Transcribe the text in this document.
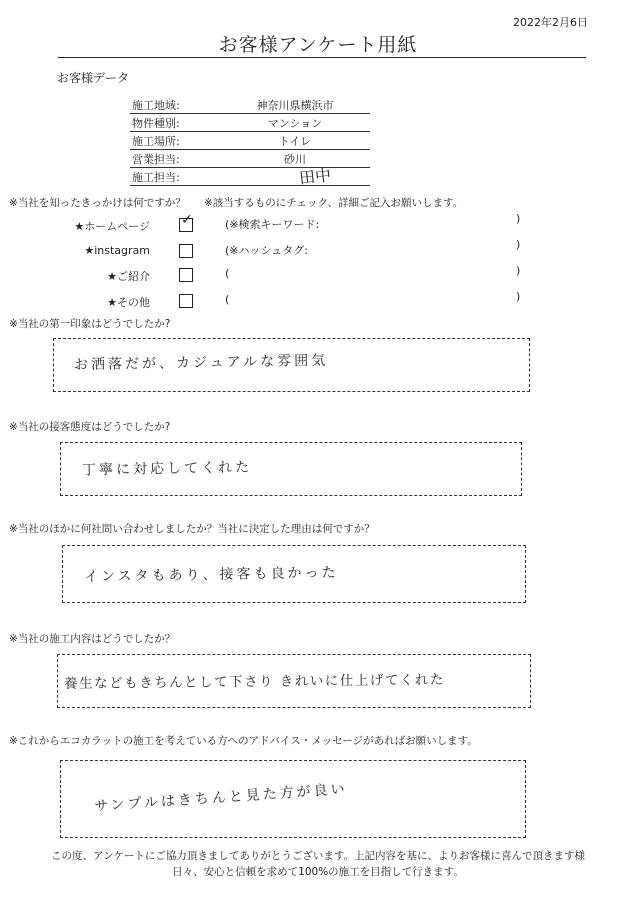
2022年2月6日
お客様アンケート用紙
お客様データ
施工地域:	神奈川県横浜市
物件種別:	マンション
施工場所:	トイレ
営業担当:	砂川
施工担当:	田中
※当社を知ったきっかけは何ですか？ ※該当するものにチェック、詳細ご記入お願いします。
★ホームページ ✓	(※検索キーワード:	)
★instagram	(※ハッシュタグ:	)
★ご紹介	(	)
★その他	(	)
※当社の第一印象はどうでしたか?
お洒落だが、カジュアルな雰囲気
※当社の接客態度はどうでしたか?
丁寧に対応してくれた
※当社のほかに何社問い合わせしましたか？当社に決定した理由は何ですか？
インスタもあり、接客も良かった
※当社の施工内容はどうでしたか？
養生などもきちんとして下さり きれいに仕上げてくれた
※これからエコカラットの施工を考えている方へのアドバイス・メッセージがあればお願いします。
サンプルはきちんと見た方が良い
この度、アンケートにご協力頂きましてありがとうございます。上記内容を基に、よりお客様に喜んで頂きます様
日々、安心と信頼を求めて100%の施工を目指して行きます。
